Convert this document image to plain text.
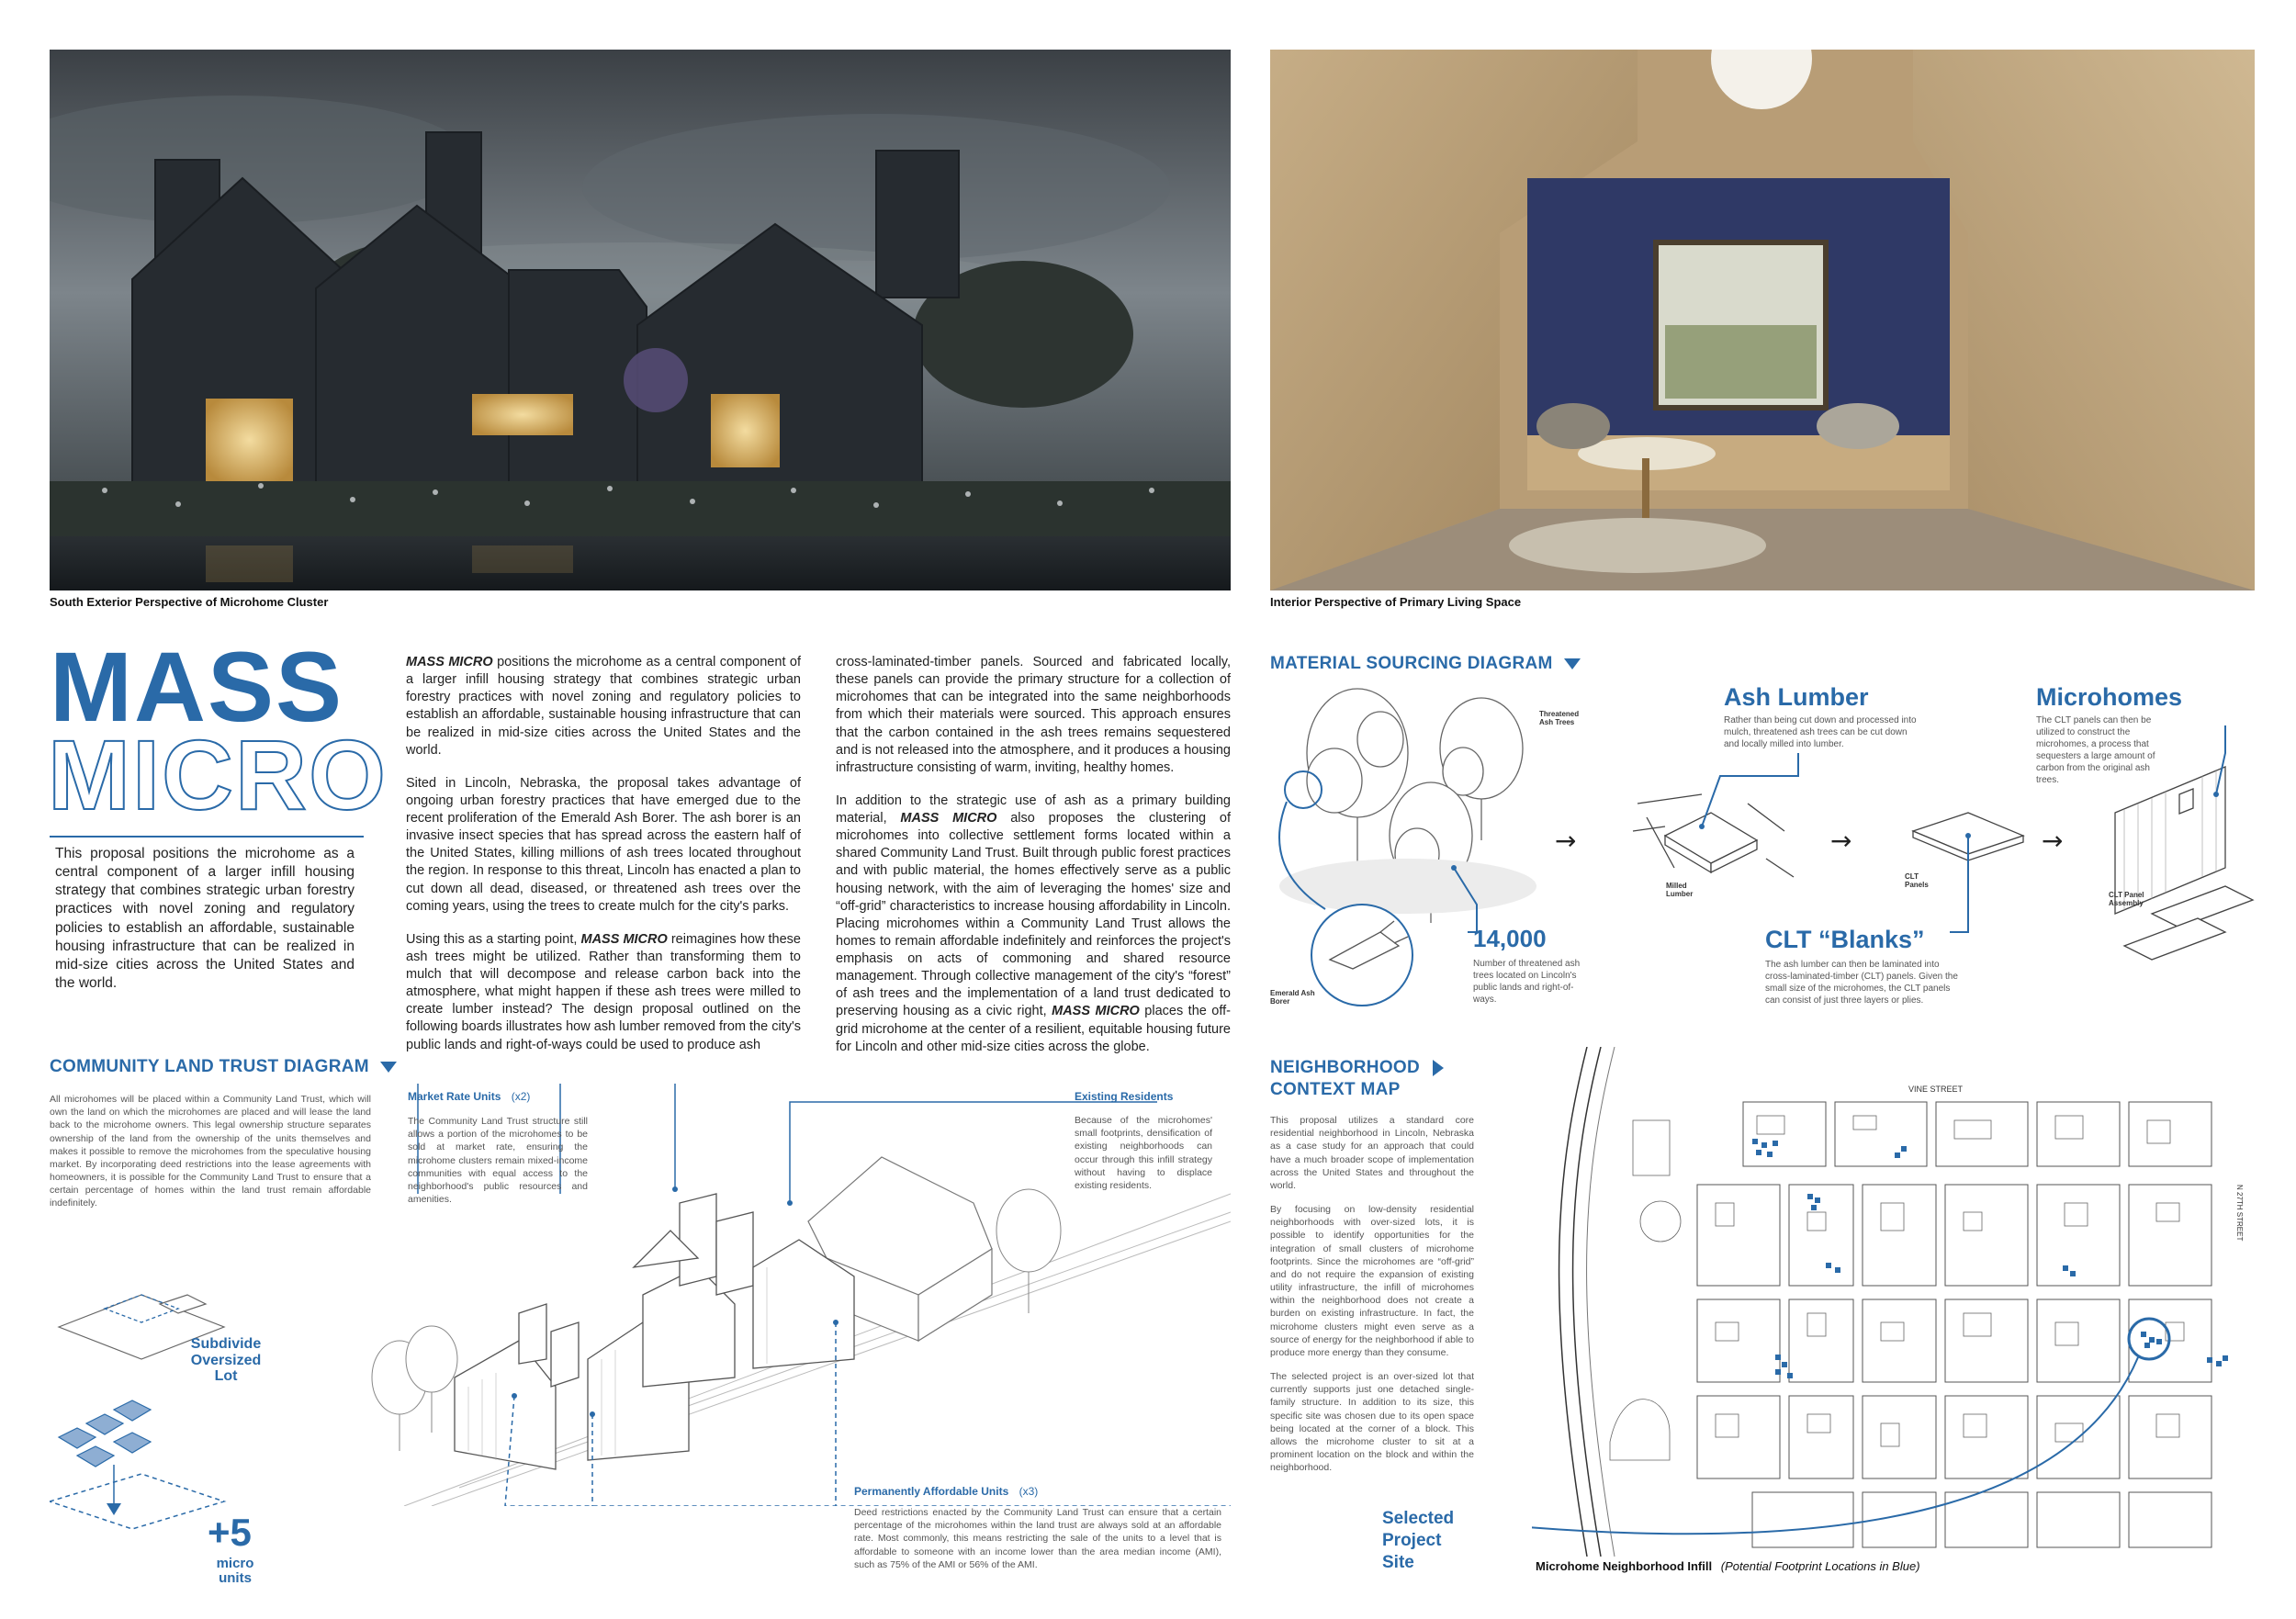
South Exterior Perspective of Microhome Cluster	Interior Perspective of Primary Living Space
MASS
MICRO
This proposal positions the microhome as a central component of a larger infill housing strategy that combines strategic urban forestry practices with novel zoning and regulatory policies to establish an affordable, sustainable housing infrastructure that can be realized in mid-size cities across the United States and the world.

MASS MICRO positions the microhome as a central component of a larger infill housing strategy that combines strategic urban forestry practices with novel zoning and regulatory policies to establish an affordable, sustainable housing infrastructure that can be realized in mid-size cities across the United States and the world.

Sited in Lincoln, Nebraska, the proposal takes advantage of ongoing urban forestry practices that have emerged due to the recent proliferation of the Emerald Ash Borer. The ash borer is an invasive insect species that has spread across the eastern half of the United States, killing millions of ash trees located throughout the region. In response to this threat, Lincoln has enacted a plan to cut down all dead, diseased, or threatened ash trees over the coming years, using the trees to create mulch for the city's parks.

Using this as a starting point, MASS MICRO reimagines how these ash trees might be utilized. Rather than transforming them to mulch that will decompose and release carbon back into the atmosphere, what might happen if these ash trees were milled to create lumber instead? The design proposal outlined on the following boards illustrates how ash lumber removed from the city's public lands and right-of-ways could be used to produce ash

cross-laminated-timber panels. Sourced and fabricated locally, these panels can provide the primary structure for a collection of microhomes that can be integrated into the same neighborhoods from which their materials were sourced. This approach ensures that the carbon contained in the ash trees remains sequestered and is not released into the atmosphere, and it produces a housing infrastructure consisting of warm, inviting, healthy homes.

In addition to the strategic use of ash as a primary building material, MASS MICRO also proposes the clustering of microhomes into collective settlement forms located within a shared Community Land Trust. Built through public forest practices and with public material, the homes effectively serve as a public housing network, with the aim of leveraging the homes' size and “off-grid” characteristics to increase housing affordability in Lincoln. Placing microhomes within a Community Land Trust allows the homes to remain affordable indefinitely and reinforces the project's emphasis on acts of commoning and shared resource management. Through collective management of the city's “forest” of ash trees and the implementation of a land trust dedicated to preserving housing as a civic right, MASS MICRO places the off-grid microhome at the center of a resilient, equitable housing future for Lincoln and other mid-size cities across the globe.

MATERIAL SOURCING DIAGRAM
→	→	→
Threatened Ash Trees
Emerald Ash Borer
14,000
Number of threatened ash trees located on Lincoln's public lands and right-of-ways.
Ash Lumber
Rather than being cut down and processed into mulch, threatened ash trees can be cut down and locally milled into lumber.
Milled Lumber
CLT Panels
CLT “Blanks”
The ash lumber can then be laminated into cross-laminated-timber (CLT) panels. Given the small size of the microhomes, the CLT panels can consist of just three layers or plies.
Microhomes
The CLT panels can then be utilized to construct the microhomes, a process that sequesters a large amount of carbon from the original ash trees.
CLT Panel Assembly
COMMUNITY LAND TRUST DIAGRAM
All microhomes will be placed within a Community Land Trust, which will own the land on which the microhomes are placed and will lease the land back to the microhome owners. This legal ownership structure separates ownership of the land from the ownership of the units themselves and makes it possible to remove the microhomes from the speculative housing market. By incorporating deed restrictions into the lease agreements with homeowners, it is possible for the Community Land Trust to ensure that a certain percentage of homes within the land trust remain affordable indefinitely.
Subdivide Oversized Lot
+5
micro units
Market Rate Units (x2)
The Community Land Trust structure still allows a portion of the microhomes to be sold at market rate, ensuring the microhome clusters remain mixed-income communities with equal access to the neighborhood's public resources and amenities.
Existing Residents
Because of the microhomes' small footprints, densification of existing neighborhoods can occur through this infill strategy without having to displace existing residents.
Permanently Affordable Units (x3)
Deed restrictions enacted by the Community Land Trust can ensure that a certain percentage of the microhomes within the land trust are always sold at an affordable rate. Most commonly, this means restricting the sale of the units to a level that is affordable to someone with an income lower than the area median income (AMI), such as 75% of the AMI or 56% of the AMI.
NEIGHBORHOOD
CONTEXT MAP

This proposal utilizes a standard core residential neighborhood in Lincoln, Nebraska as a case study for an approach that could have a much broader scope of implementation across the United States and throughout the world.

By focusing on low-density residential neighborhoods with over-sized lots, it is possible to identify opportunities for the integration of small clusters of microhome footprints. Since the microhomes are “off-grid” and do not require the expansion of existing utility infrastructure, the infill of microhomes within the neighborhood does not create a burden on existing infrastructure. In fact, the microhome clusters might even serve as a source of energy for the neighborhood if able to produce more energy than they consume.

The selected project is an over-sized lot that currently supports just one detached single-family structure. In addition to its size, this specific site was chosen due to its open space being located at the corner of a block. This allows the microhome cluster to sit at a prominent location on the block and within the neighborhood.

Selected
Project
Site
VINE STREET
N 27TH STREET
Microhome Neighborhood Infill (Potential Footprint Locations in Blue)
